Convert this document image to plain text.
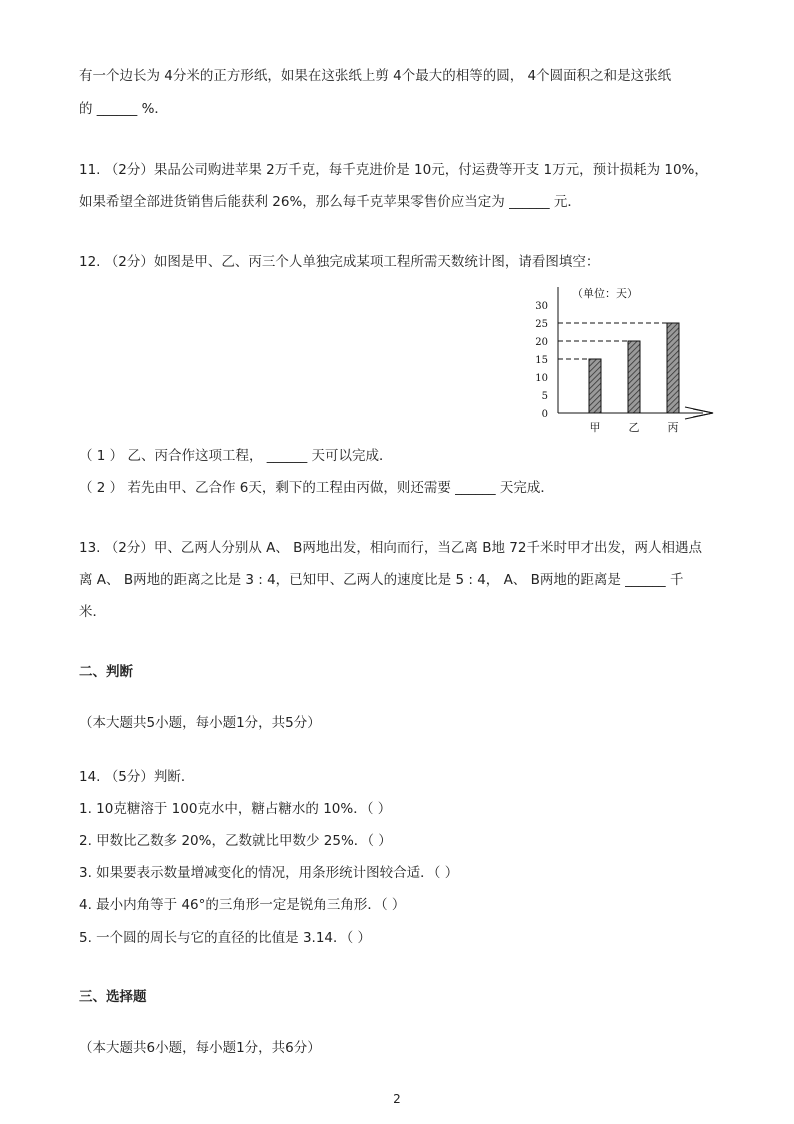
有一个边长为 4分米的正方形纸，如果在这张纸上剪 4个最大的相等的圆， 4个圆面积之和是这张纸
的 ______ %．
11. （2分）果品公司购进苹果 2万千克，每千克进价是 10元，付运费等开支 1万元，预计损耗为 10%，
如果希望全部进货销售后能获利 26%，那么每千克苹果零售价应当定为 ______ 元．
12. （2分）如图是甲、乙、丙三个人单独完成某项工程所需天数统计图，请看图填空：
0
5
10
15
20
25
30
甲	乙	丙
（单位：天）
（ 1 ） 乙、丙合作这项工程， ______ 天可以完成．
（ 2 ） 若先由甲、乙合作 6天，剩下的工程由丙做，则还需要 ______ 天完成．
13. （2分）甲、乙两人分别从 A、 B两地出发，相向而行，当乙离 B地 72千米时甲才出发，两人相遇点
离 A、 B两地的距离之比是 3 : 4，已知甲、乙两人的速度比是 5 : 4， A、 B两地的距离是 ______ 千
米．
二、判断
（本大题共5小题，每小题1分，共5分）
14. （5分）判断．
1. 10克糖溶于 100克水中，糖占糖水的 10%．（ ）
2. 甲数比乙数多 20%，乙数就比甲数少 25%．（ ）
3. 如果要表示数量增减变化的情况，用条形统计图较合适．（ ）
4. 最小内角等于 46°的三角形一定是锐角三角形．（ ）
5. 一个圆的周长与它的直径的比值是 3.14．（ ）
三、选择题
（本大题共6小题，每小题1分，共6分）
2
